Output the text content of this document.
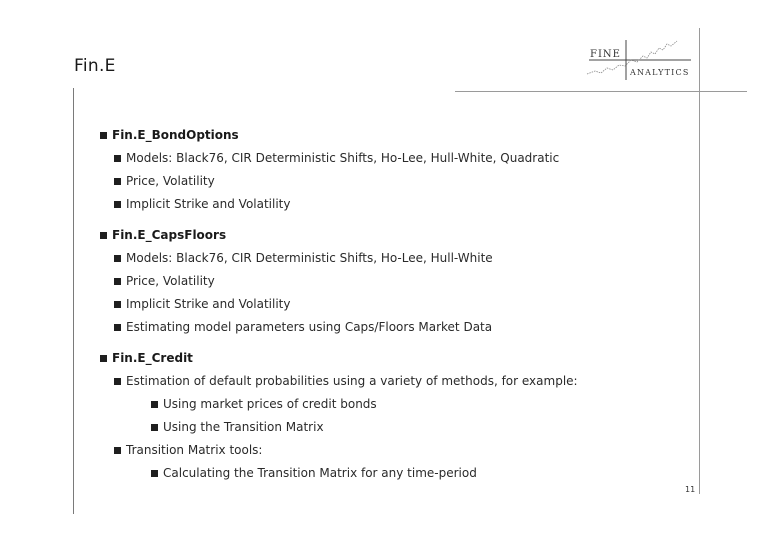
Fin.E
FINE
ANALYTICS
Fin.E_BondOptions
Models: Black76, CIR Deterministic Shifts, Ho-Lee, Hull-White, Quadratic
Price, Volatility
Implicit Strike and Volatility
Fin.E_CapsFloors
Models: Black76, CIR Deterministic Shifts, Ho-Lee, Hull-White
Price, Volatility
Implicit Strike and Volatility
Estimating model parameters using Caps/Floors Market Data
Fin.E_Credit
Estimation of default probabilities using a variety of methods, for example:
Using market prices of credit bonds
Using the Transition Matrix
Transition Matrix tools:
Calculating the Transition Matrix for any time-period
11
